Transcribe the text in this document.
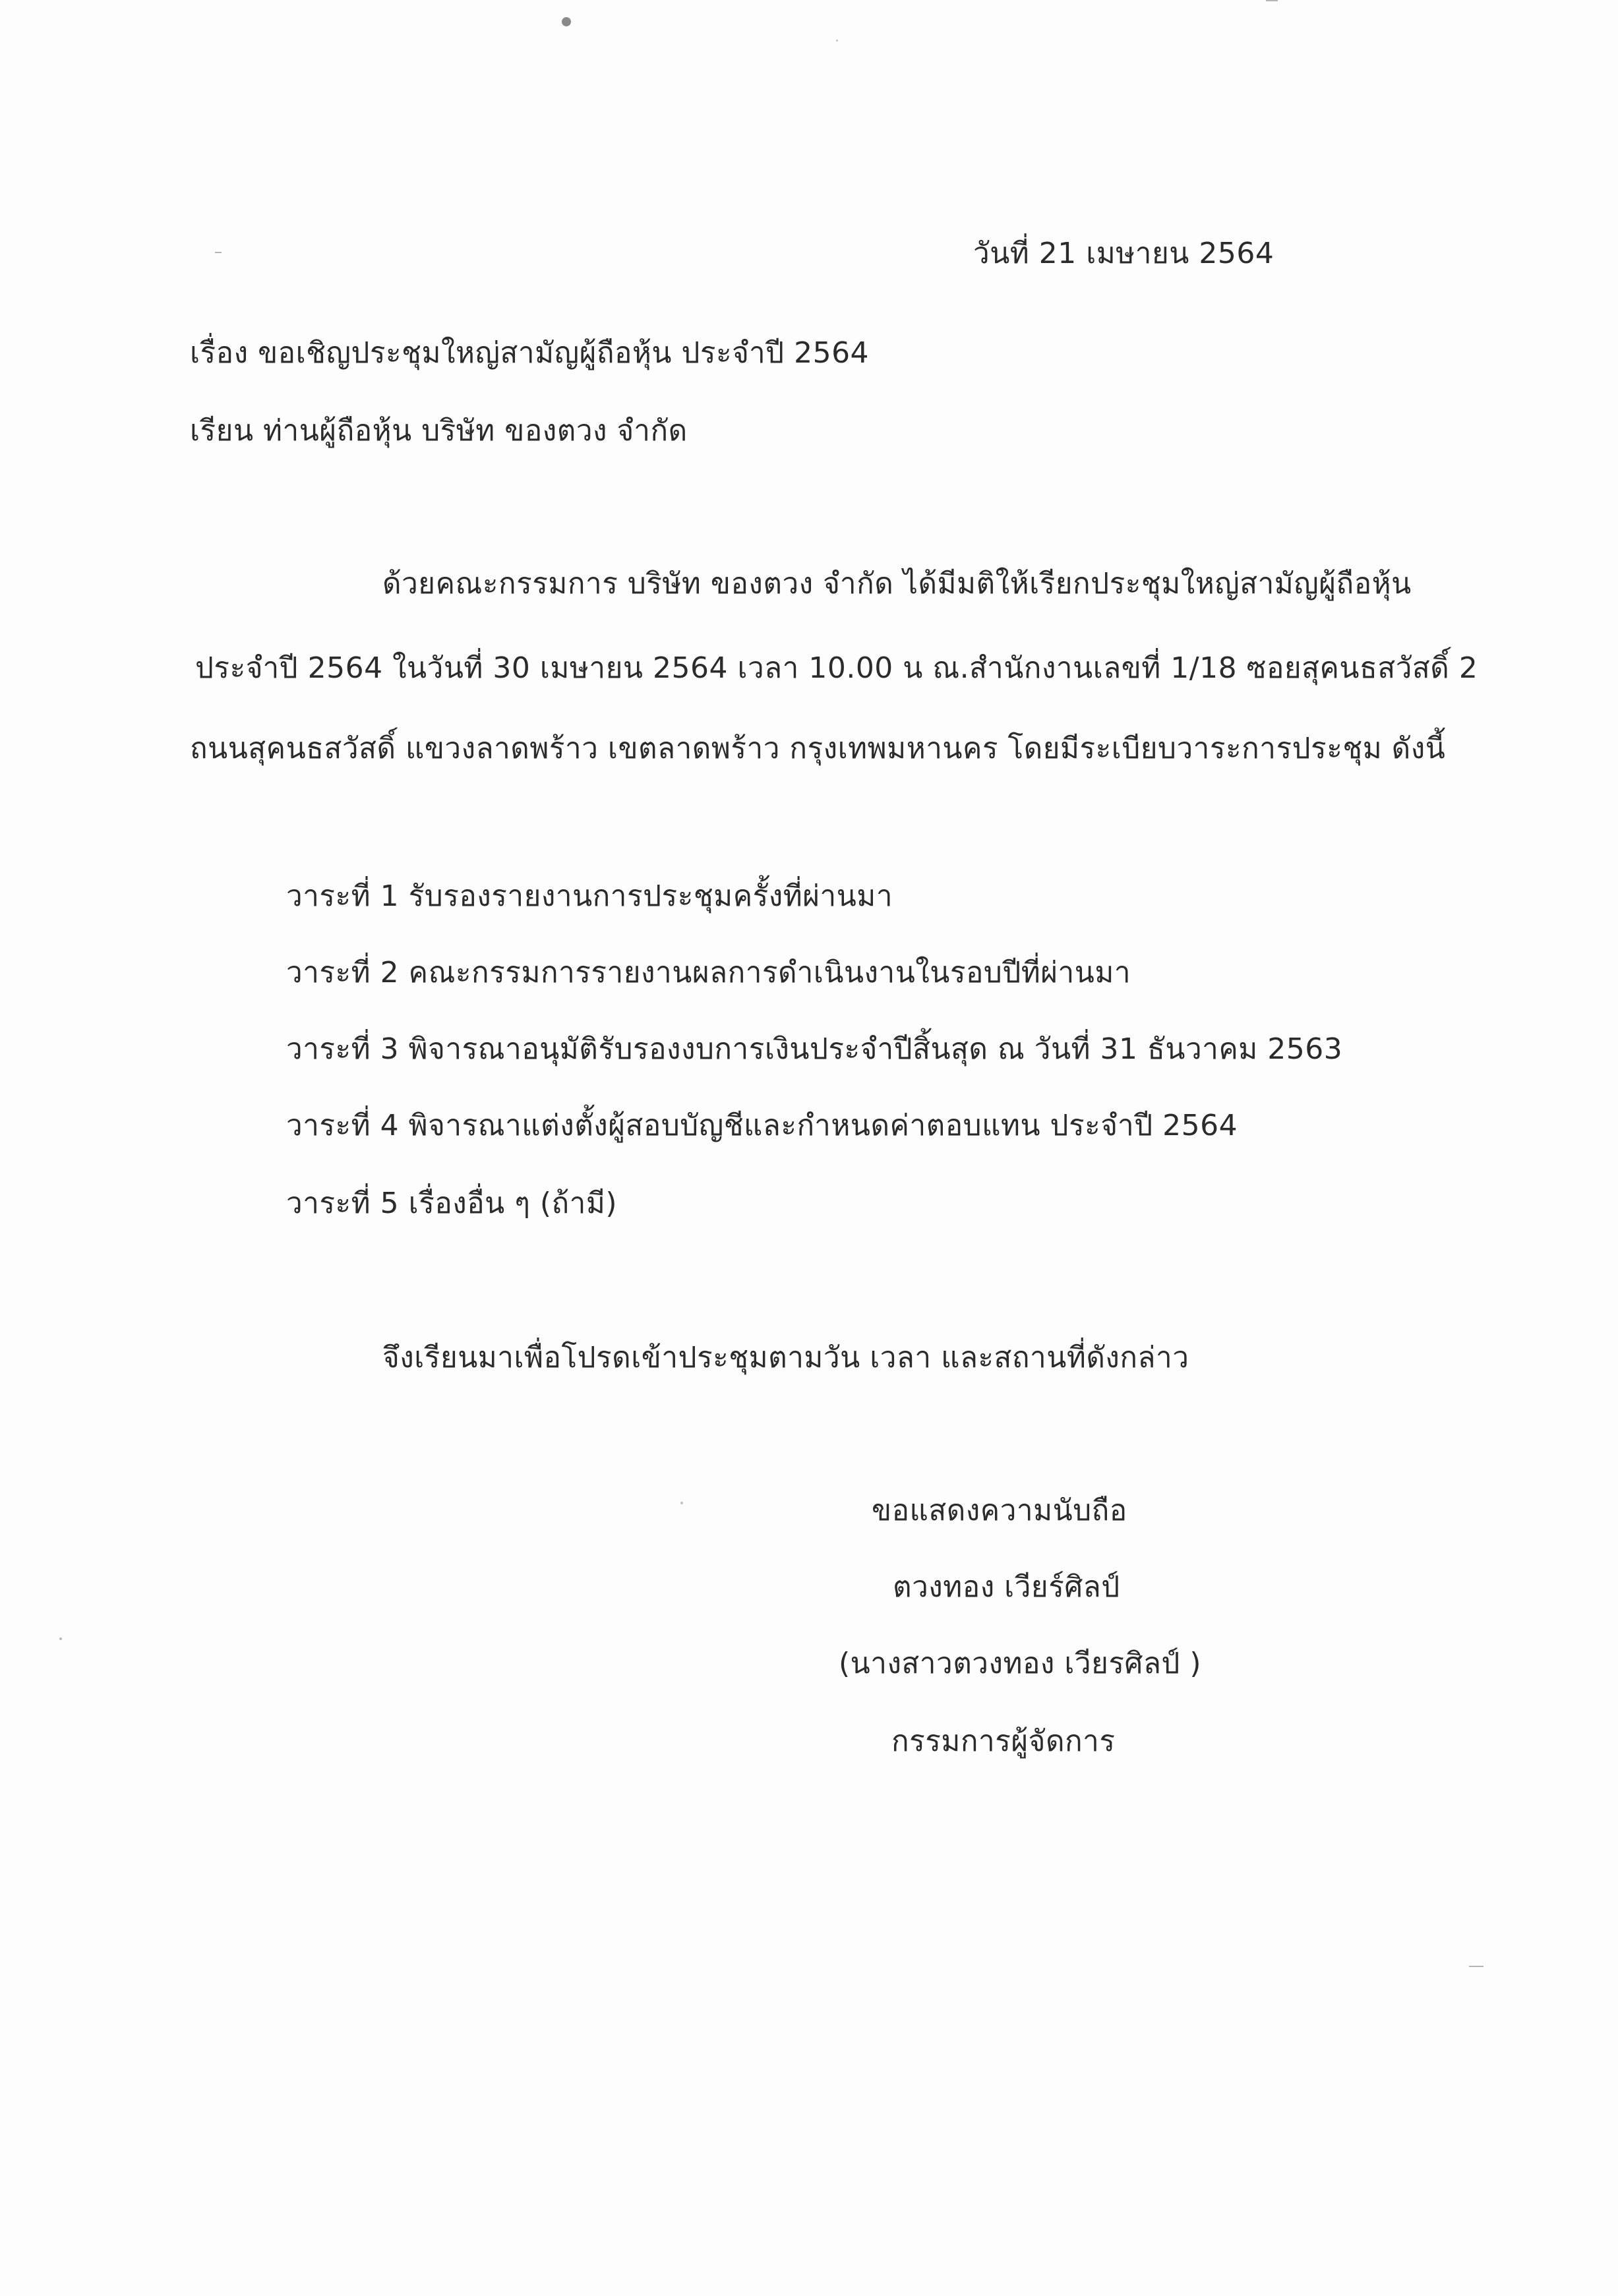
วันที่ 21 เมษายน 2564
เรื่อง ขอเชิญประชุมใหญ่สามัญผู้ถือหุ้น ประจำปี 2564
เรียน ท่านผู้ถือหุ้น บริษัท ของตวง จำกัด
ด้วยคณะกรรมการ บริษัท ของตวง จำกัด ได้มีมติให้เรียกประชุมใหญ่สามัญผู้ถือหุ้น
ประจำปี 2564 ในวันที่ 30 เมษายน 2564 เวลา 10.00 น ณ.สำนักงานเลขที่ 1/18 ซอยสุคนธสวัสดิ์ 2
ถนนสุคนธสวัสดิ์ แขวงลาดพร้าว เขตลาดพร้าว กรุงเทพมหานคร โดยมีระเบียบวาระการประชุม ดังนี้
วาระที่ 1 รับรองรายงานการประชุมครั้งที่ผ่านมา
วาระที่ 2 คณะกรรมการรายงานผลการดำเนินงานในรอบปีที่ผ่านมา
วาระที่ 3 พิจารณาอนุมัติรับรองงบการเงินประจำปีสิ้นสุด ณ วันที่ 31 ธันวาคม 2563
วาระที่ 4 พิจารณาแต่งตั้งผู้สอบบัญชีและกำหนดค่าตอบแทน ประจำปี 2564
วาระที่ 5 เรื่องอื่น ๆ (ถ้ามี)
จึงเรียนมาเพื่อโปรดเข้าประชุมตามวัน เวลา และสถานที่ดังกล่าว
ขอแสดงความนับถือ
ตวงทอง เวียร์ศิลป์
(นางสาวตวงทอง เวียรศิลป์ )
กรรมการผู้จัดการ
